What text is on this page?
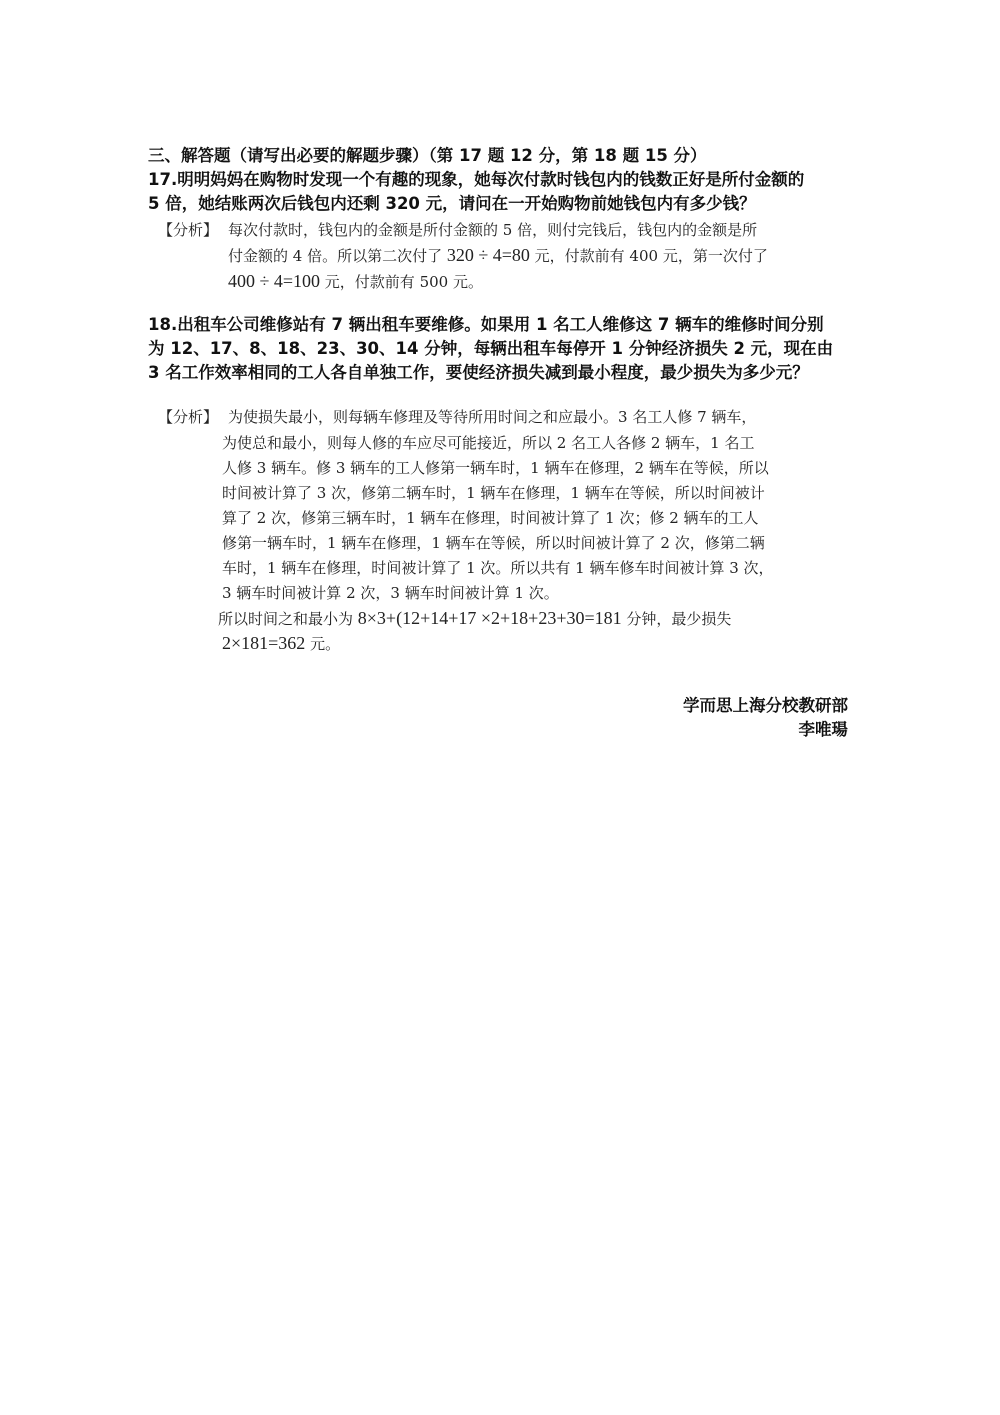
三、解答题（请写出必要的解题步骤）（第 17 题 12 分，第 18 题 15 分）
17.明明妈妈在购物时发现一个有趣的现象，她每次付款时钱包内的钱数正好是所付金额的
5 倍，她结账两次后钱包内还剩 320 元，请问在一开始购物前她钱包内有多少钱？
【分析】 每次付款时，钱包内的金额是所付金额的 5 倍，则付完钱后，钱包内的金额是所
付金额的 4 倍。所以第二次付了 320 ÷ 4=80 元，付款前有 400 元，第一次付了
400 ÷ 4=100 元，付款前有 500 元。
18.出租车公司维修站有 7 辆出租车要维修。如果用 1 名工人维修这 7 辆车的维修时间分别
为 12、17、8、18、23、30、14 分钟，每辆出租车每停开 1 分钟经济损失 2 元，现在由
3 名工作效率相同的工人各自单独工作，要使经济损失减到最小程度，最少损失为多少元？
【分析】 为使损失最小，则每辆车修理及等待所用时间之和应最小。3 名工人修 7 辆车，
为使总和最小，则每人修的车应尽可能接近，所以 2 名工人各修 2 辆车，1 名工
人修 3 辆车。修 3 辆车的工人修第一辆车时，1 辆车在修理，2 辆车在等候，所以
时间被计算了 3 次，修第二辆车时，1 辆车在修理，1 辆车在等候，所以时间被计
算了 2 次，修第三辆车时，1 辆车在修理，时间被计算了 1 次；修 2 辆车的工人
修第一辆车时，1 辆车在修理，1 辆车在等候，所以时间被计算了 2 次，修第二辆
车时，1 辆车在修理，时间被计算了 1 次。所以共有 1 辆车修车时间被计算 3 次，
3 辆车时间被计算 2 次，3 辆车时间被计算 1 次。
所以时间之和最小为 8×3+(12+14+17 ×2+18+23+30=181 分钟，最少损失
2×181=362 元。
学而思上海分校教研部
李唯瑒
